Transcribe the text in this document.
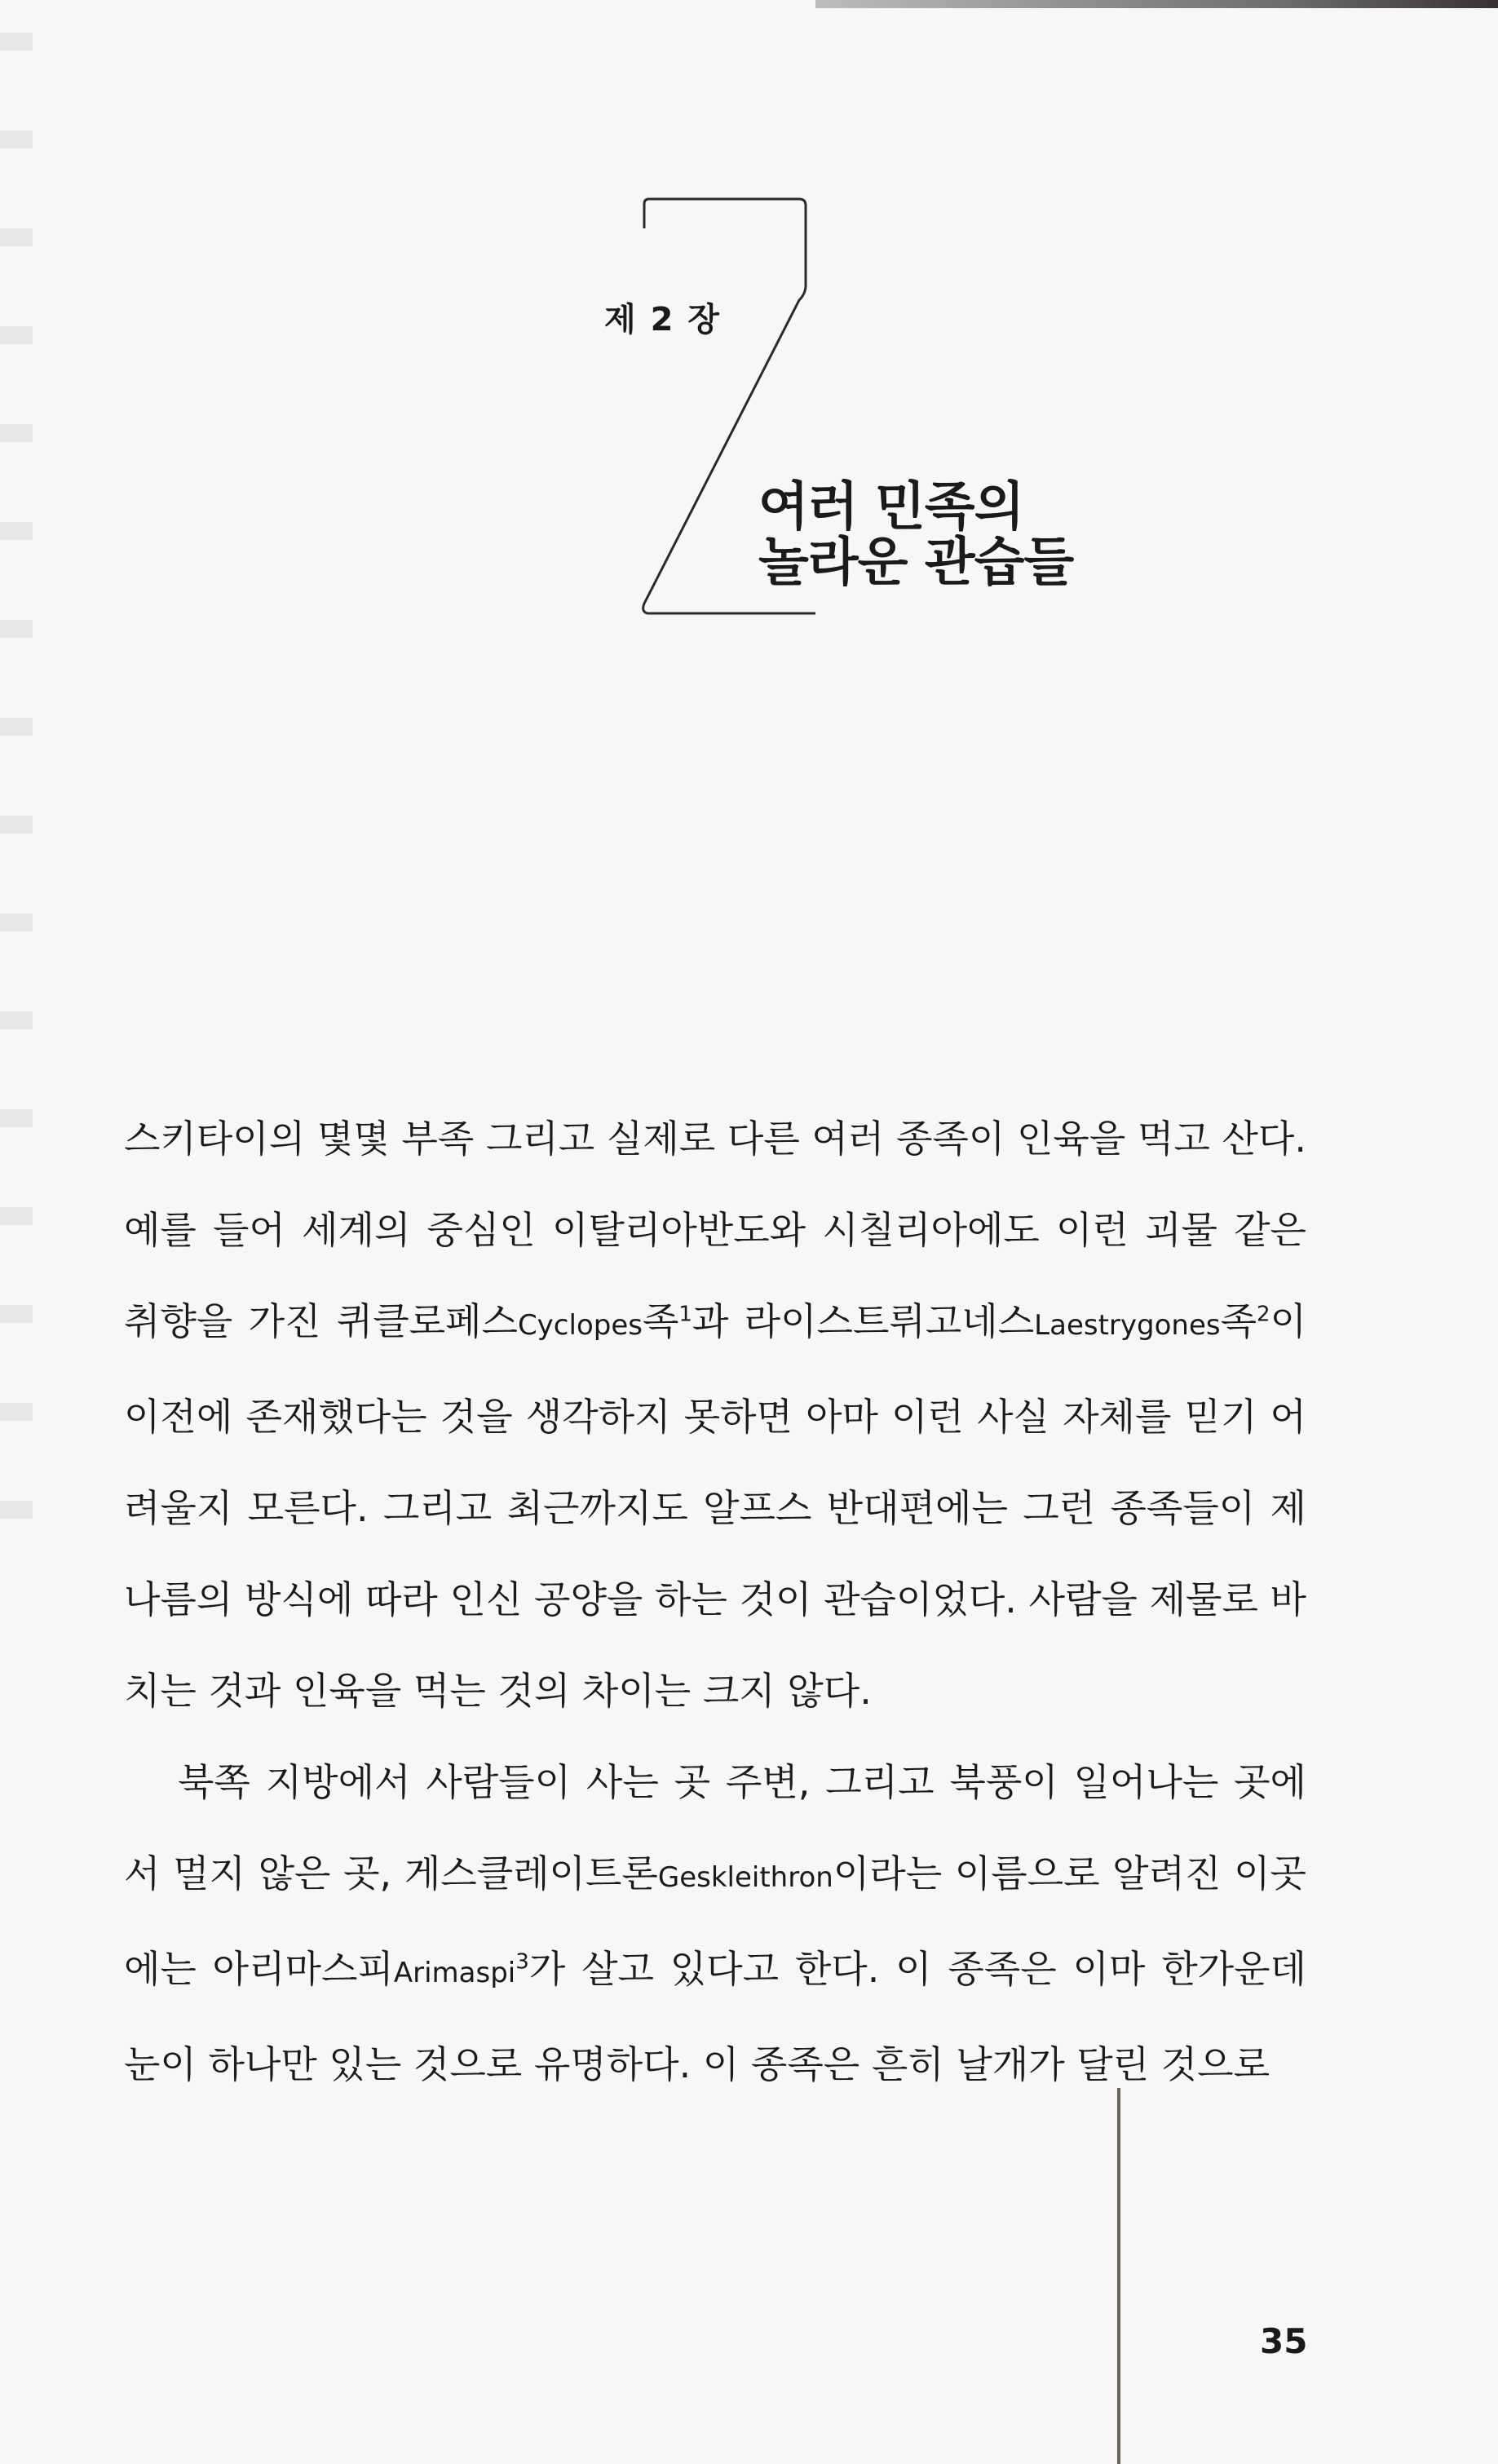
제 2 장
여러 민족의
놀라운 관습들

스키타이의 몇몇 부족 그리고 실제로 다른 여러 종족이 인육을 먹고 산다. 예를 들어 세계의 중심인 이탈리아반도와 시칠리아에도 이런 괴물 같은 취향을 가진 퀴클로페스Cyclopes족$^1$과 라이스트뤼고네스Laestrygones족$^2$이 이전에 존재했다는 것을 생각하지 못하면 아마 이런 사실 자체를 믿기 어려울지 모른다. 그리고 최근까지도 알프스 반대편에는 그런 종족들이 제 나름의 방식에 따라 인신 공양을 하는 것이 관습이었다. 사람을 제물로 바치는 것과 인육을 먹는 것의 차이는 크지 않다.

북쪽 지방에서 사람들이 사는 곳 주변, 그리고 북풍이 일어나는 곳에서 멀지 않은 곳, 게스클레이트론Geskleithron이라는 이름으로 알려진 이곳에는 아리마스피Arimaspi$^3$가 살고 있다고 한다. 이 종족은 이마 한가운데 눈이 하나만 있는 것으로 유명하다. 이 종족은 흔히 날개가 달린 것으로

35
